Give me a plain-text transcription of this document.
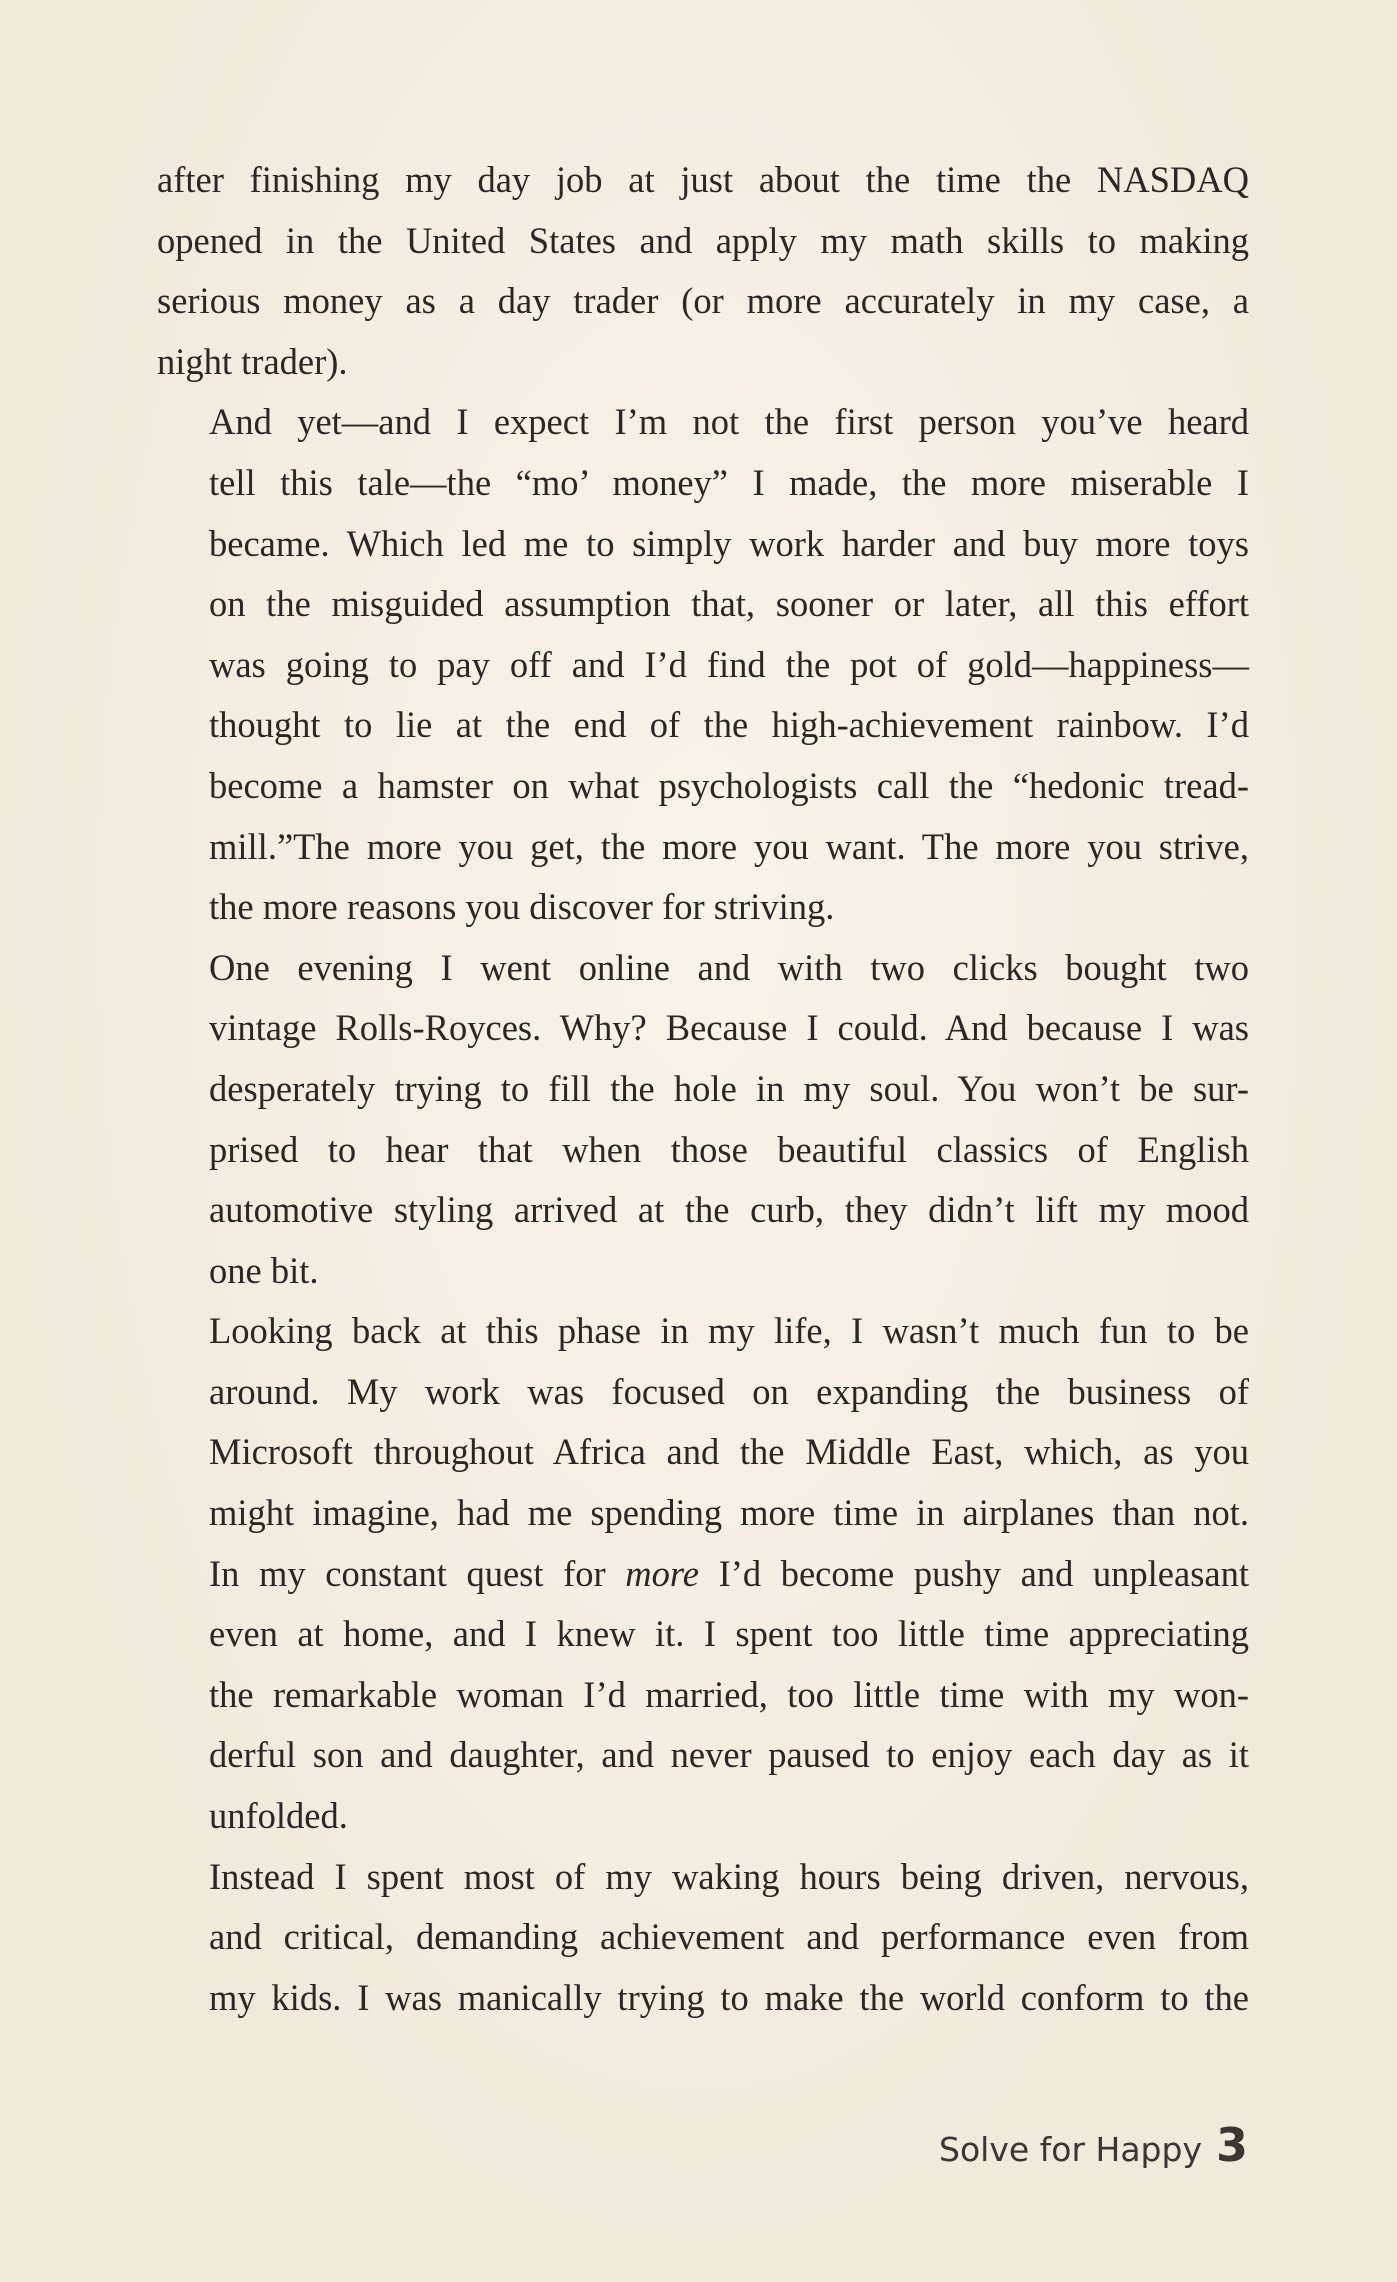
after finishing my day job at just about the time the NASDAQ
opened in the United States and apply my math skills to making
serious money as a day trader (or more accurately in my case, a
night trader).

And yet—and I expect I’m not the first person you’ve heard
tell this tale—the “mo’ money” I made, the more miserable I
became. Which led me to simply work harder and buy more toys
on the misguided assumption that, sooner or later, all this effort
was going to pay off and I’d find the pot of gold—happiness—
thought to lie at the end of the high-achievement rainbow. I’d
become a hamster on what psychologists call the “hedonic tread-
mill.”The more you get, the more you want. The more you strive,
the more reasons you discover for striving.

One evening I went online and with two clicks bought two
vintage Rolls-Royces. Why? Because I could. And because I was
desperately trying to fill the hole in my soul. You won’t be sur-
prised to hear that when those beautiful classics of English
automotive styling arrived at the curb, they didn’t lift my mood
one bit.

Looking back at this phase in my life, I wasn’t much fun to be
around. My work was focused on expanding the business of
Microsoft throughout Africa and the Middle East, which, as you
might imagine, had me spending more time in airplanes than not.
In my constant quest for more I’d become pushy and unpleasant
even at home, and I knew it. I spent too little time appreciating
the remarkable woman I’d married, too little time with my won-
derful son and daughter, and never paused to enjoy each day as it
unfolded.

Instead I spent most of my waking hours being driven, nervous,
and critical, demanding achievement and performance even from
my kids. I was manically trying to make the world conform to the

Solve for Happy 3
